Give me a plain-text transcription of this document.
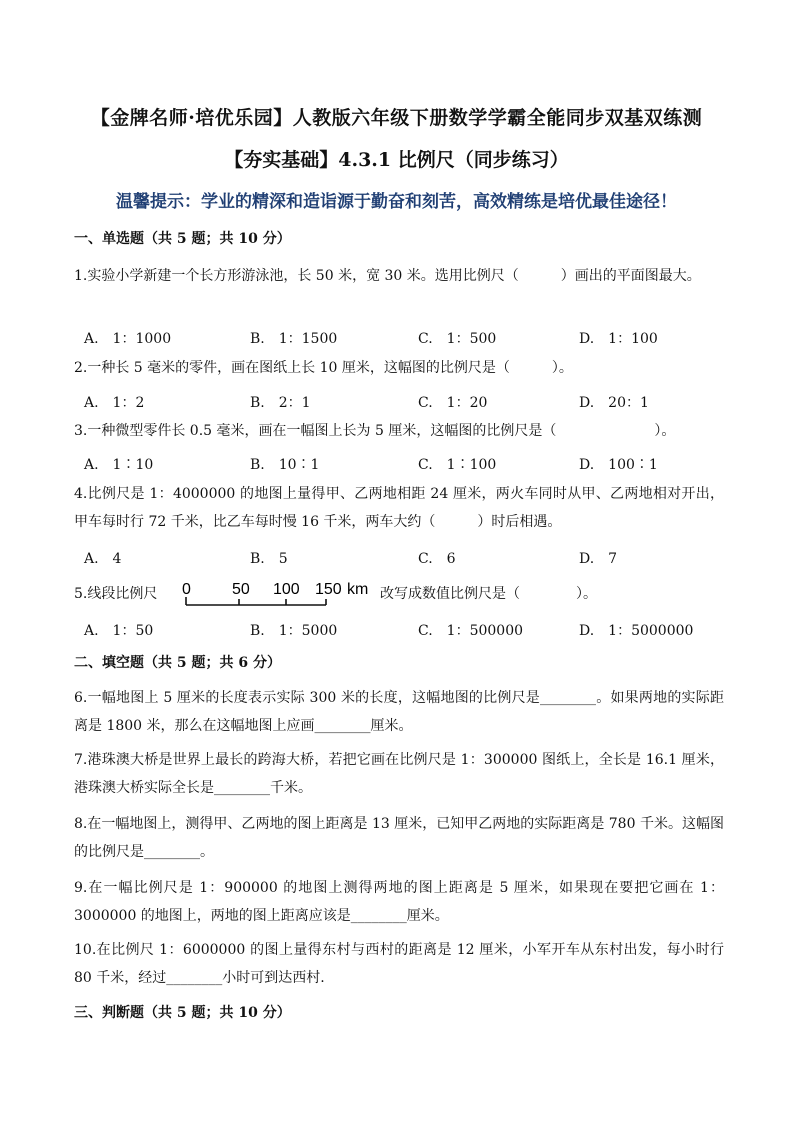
【金牌名师·培优乐园】人教版六年级下册数学学霸全能同步双基双练测
【夯实基础】4.3.1 比例尺（同步练习）
温馨提示：学业的精深和造诣源于勤奋和刻苦，高效精练是培优最佳途径！
一、单选题（共 5 题；共 10 分）
1.实验小学新建一个长方形游泳池，长 50 米，宽 30 米。选用比例尺（　　　）画出的平面图最大。
A.　1：1000	B.　1：1500	C.　1：500	D.　1：100
2.一种长 5 毫米的零件，画在图纸上长 10 厘米，这幅图的比例尺是（　　　）。
A.　1：2	B.　2：1	C.　1：20	D.　20：1
3.一种微型零件长 0.5 毫米，画在一幅图上长为 5 厘米，这幅图的比例尺是（　　　　　　　）。
A.　1∶10	B.　10∶1	C.　1∶100	D.　100∶1
4.比例尺是 1：4000000 的地图上量得甲、乙两地相距 24 厘米，两火车同时从甲、乙两地相对开出，甲车每时行 72 千米，比乙车每时慢 16 千米，两车大约（　　　）时后相遇。
A.　4	B.　5	C.　6	D.　7
5.线段比例尺 0	50 100 150 km 改写成数值比例尺是（　　　　）。
A.　1：50	B.　1：5000	C.　1：500000	D.　1：5000000
二、填空题（共 5 题；共 6 分）
6.一幅地图上 5 厘米的长度表示实际 300 米的长度，这幅地图的比例尺是________。如果两地的实际距离是 1800 米，那么在这幅地图上应画________厘米。
7.港珠澳大桥是世界上最长的跨海大桥，若把它画在比例尺是 1：300000 图纸上，全长是 16.1 厘米，港珠澳大桥实际全长是________千米。
8.在一幅地图上，测得甲、乙两地的图上距离是 13 厘米，已知甲乙两地的实际距离是 780 千米。这幅图的比例尺是________。
9.在一幅比例尺是 1：900000 的地图上测得两地的图上距离是 5 厘米，如果现在要把它画在 1：3000000 的地图上，两地的图上距离应该是________厘米。
10.在比例尺 1：6000000 的图上量得东村与西村的距离是 12 厘米，小军开车从东村出发，每小时行 80 千米，经过________小时可到达西村.
三、判断题（共 5 题；共 10 分）
